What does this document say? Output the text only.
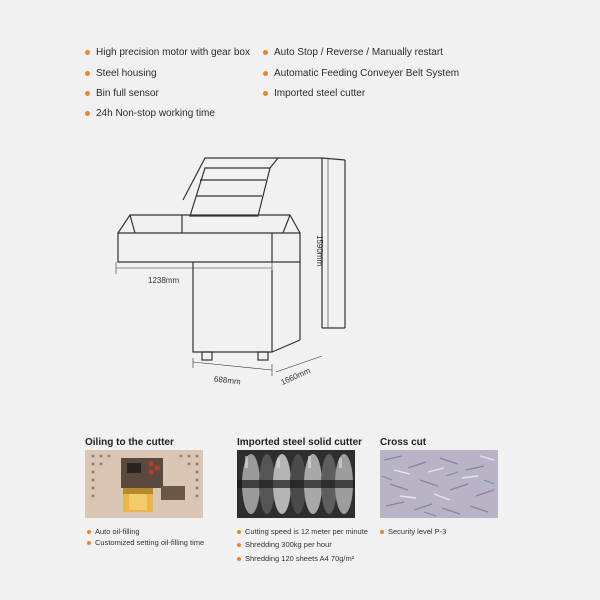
High precision motor with gear box
Steel housing
Bin full sensor
24h Non-stop working time
Auto Stop / Reverse / Manually restart
Automatic Feeding Conveyer Belt System
Imported steel cutter
1238mm
1590mm
688mm	1660mm
Oiling to the cutter	Imported steel solid cutter Cross cut
Auto oil-filling
Customized setting oil-filling time
Cutting speed is 12 meter per minute
Shredding 300kg per hour
Shredding 120 sheets A4 70g/m²
Security level P-3
